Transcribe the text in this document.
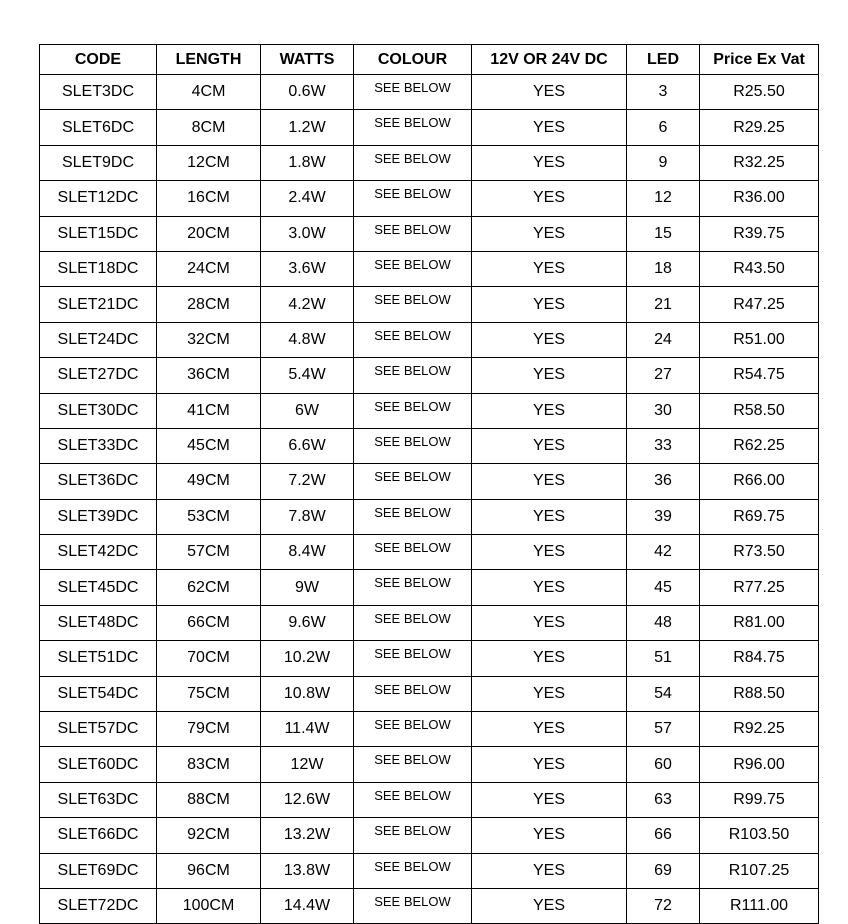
CODE	LENGTH	WATTS	COLOUR	12V OR 24V DC	LED	Price Ex Vat
SLET3DC	4CM	0.6W	SEE BELOW	YES	3	R25.50
SLET6DC	8CM	1.2W	SEE BELOW	YES	6	R29.25
SLET9DC	12CM	1.8W	SEE BELOW	YES	9	R32.25
SLET12DC	16CM	2.4W	SEE BELOW	YES	12	R36.00
SLET15DC	20CM	3.0W	SEE BELOW	YES	15	R39.75
SLET18DC	24CM	3.6W	SEE BELOW	YES	18	R43.50
SLET21DC	28CM	4.2W	SEE BELOW	YES	21	R47.25
SLET24DC	32CM	4.8W	SEE BELOW	YES	24	R51.00
SLET27DC	36CM	5.4W	SEE BELOW	YES	27	R54.75
SLET30DC	41CM	6W	SEE BELOW	YES	30	R58.50
SLET33DC	45CM	6.6W	SEE BELOW	YES	33	R62.25
SLET36DC	49CM	7.2W	SEE BELOW	YES	36	R66.00
SLET39DC	53CM	7.8W	SEE BELOW	YES	39	R69.75
SLET42DC	57CM	8.4W	SEE BELOW	YES	42	R73.50
SLET45DC	62CM	9W	SEE BELOW	YES	45	R77.25
SLET48DC	66CM	9.6W	SEE BELOW	YES	48	R81.00
SLET51DC	70CM	10.2W	SEE BELOW	YES	51	R84.75
SLET54DC	75CM	10.8W	SEE BELOW	YES	54	R88.50
SLET57DC	79CM	11.4W	SEE BELOW	YES	57	R92.25
SLET60DC	83CM	12W	SEE BELOW	YES	60	R96.00
SLET63DC	88CM	12.6W	SEE BELOW	YES	63	R99.75
SLET66DC	92CM	13.2W	SEE BELOW	YES	66	R103.50
SLET69DC	96CM	13.8W	SEE BELOW	YES	69	R107.25
SLET72DC	100CM	14.4W	SEE BELOW	YES	72	R111.00
